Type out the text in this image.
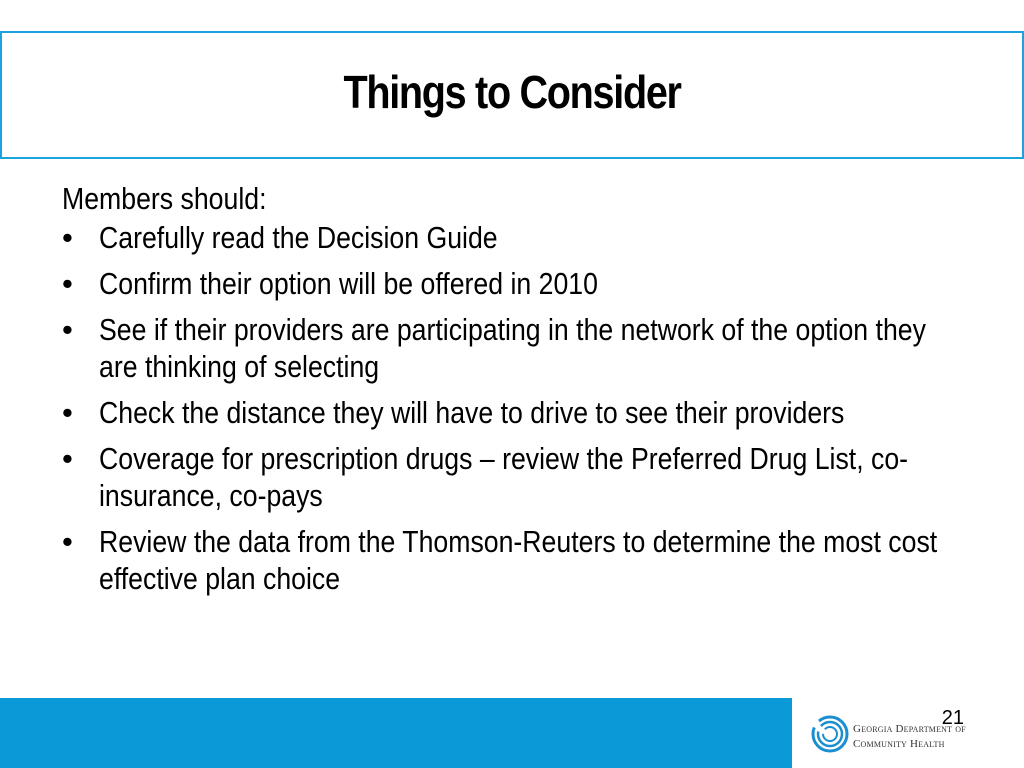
Things to Consider
Members should:
• Carefully read the Decision Guide
• Confirm their option will be offered in 2010
• See if their providers are participating in the network of the option they are thinking of selecting
• Check the distance they will have to drive to see their providers
• Coverage for prescription drugs – review the Preferred Drug List, co-insurance, co-pays
• Review the data from the Thomson-Reuters to determine the most cost effective plan choice
21
Georgia Department of
Community Health
